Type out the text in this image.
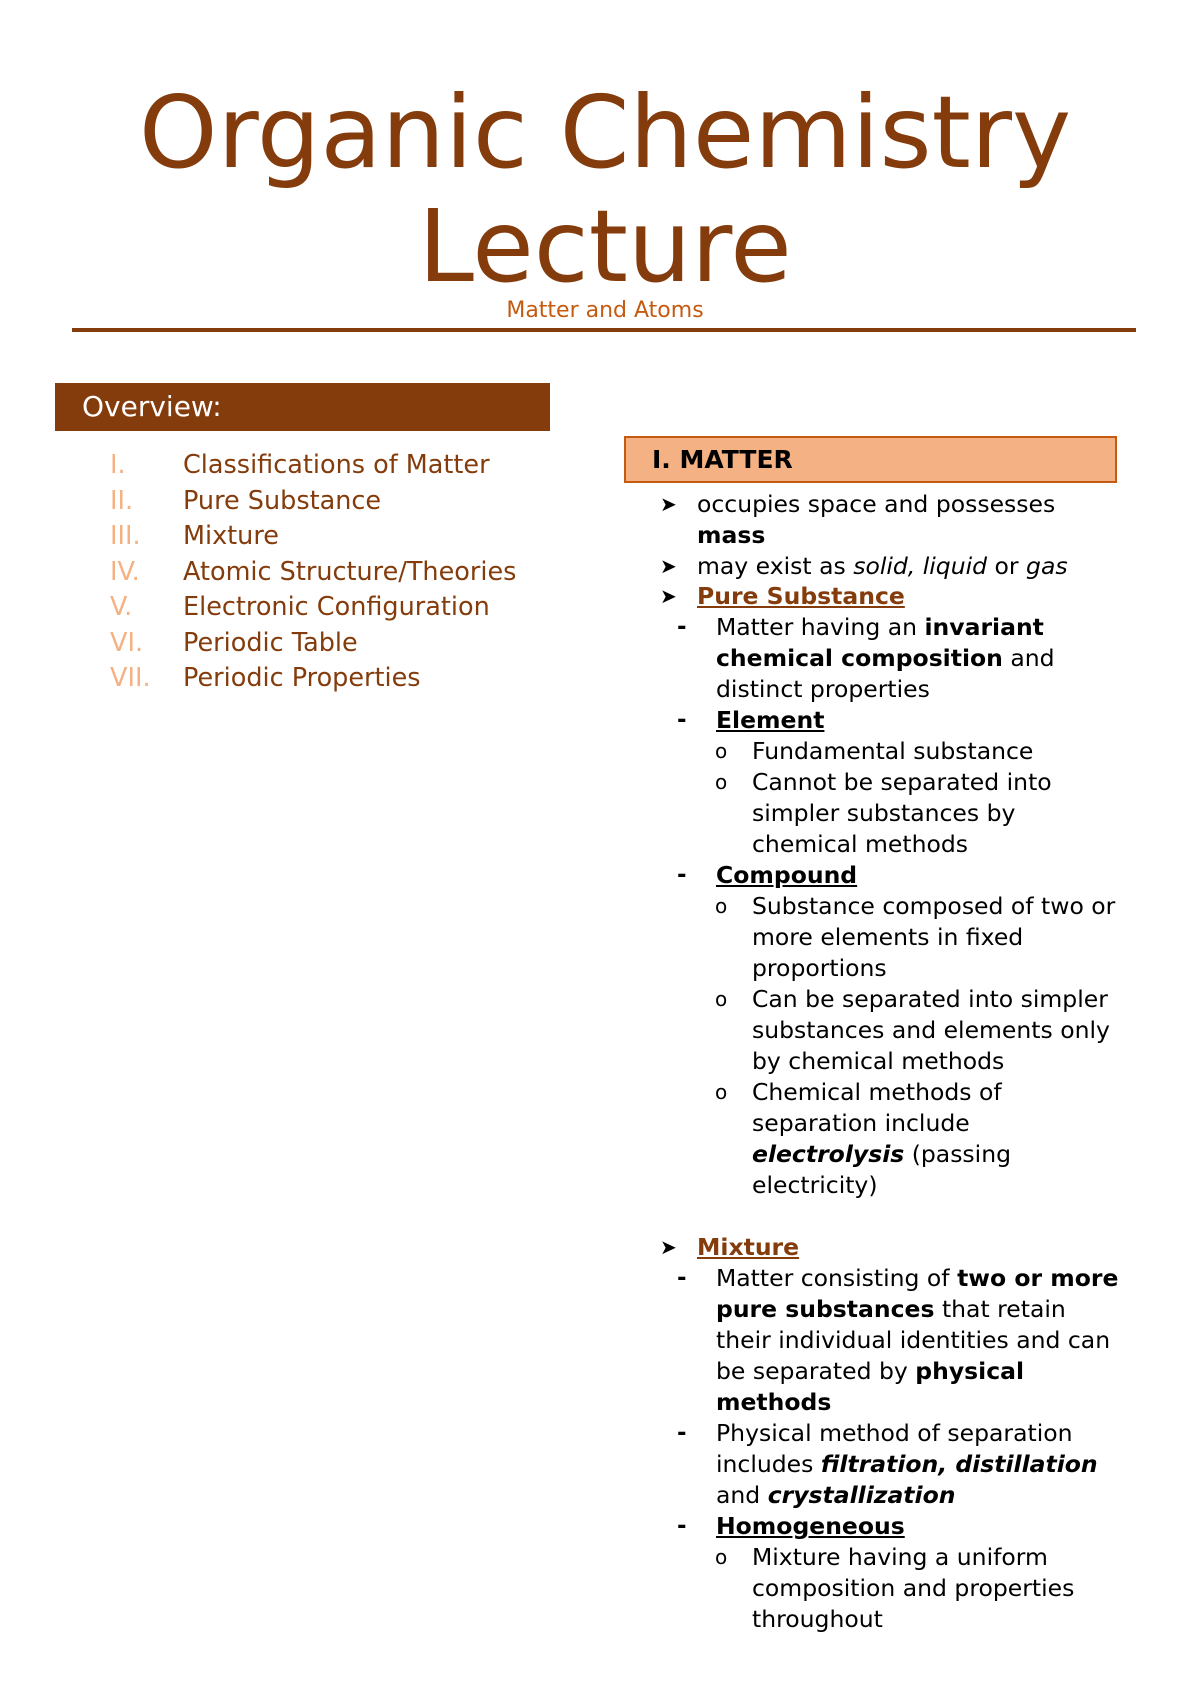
Organic Chemistry
Lecture
Matter and Atoms
Overview:
I. Classifications of Matter
II. Pure Substance
III. Mixture
IV. Atomic Structure/Theories
V. Electronic Configuration
VI. Periodic Table
VII. Periodic Properties
I. MATTER
➤ occupies space and possesses
mass
➤ may exist as solid, liquid or gas
➤ Pure Substance
- Matter having an invariant
chemical composition and
distinct properties
- Element
o Fundamental substance
o Cannot be separated into
simpler substances by
chemical methods
- Compound
o Substance composed of two or
more elements in fixed
proportions
o Can be separated into simpler
substances and elements only
by chemical methods
o Chemical methods of
separation include
electrolysis (passing
electricity)
➤ Mixture
- Matter consisting of two or more
pure substances that retain
their individual identities and can
be separated by physical
methods
- Physical method of separation
includes filtration, distillation
and crystallization
- Homogeneous
o Mixture having a uniform
composition and properties
throughout
